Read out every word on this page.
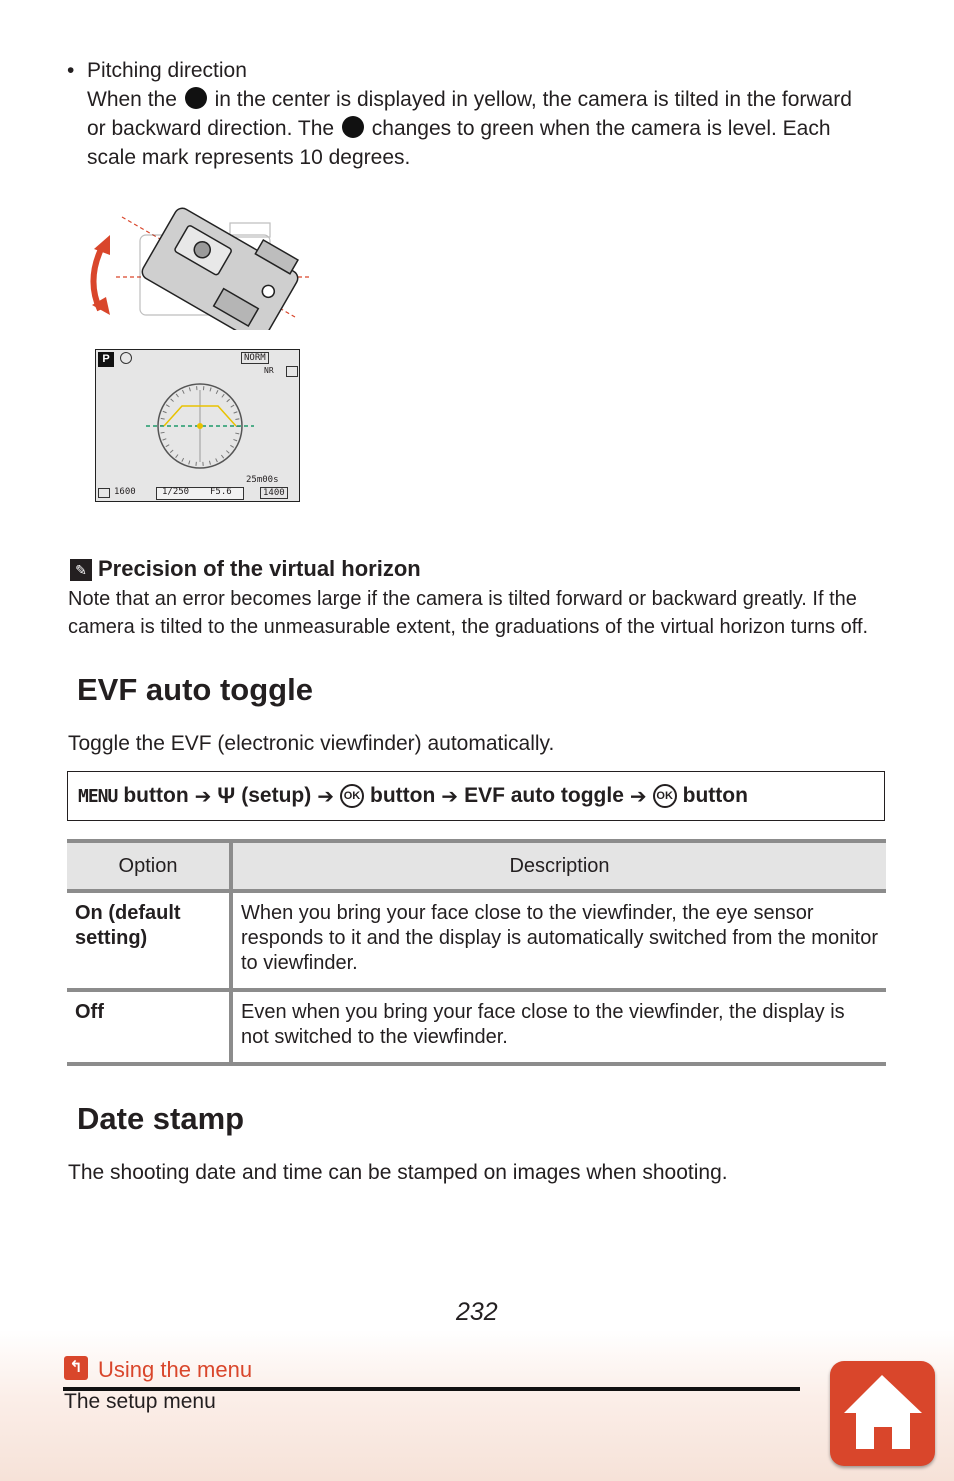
• Pitching direction
When the in the center is displayed in yellow, the camera is tilted in the forward
or backward direction. The changes to green when the camera is level. Each
scale mark represents 10 degrees.
P	NORM
NR
25m00s
1600	1/250 F5.6	1400
✎ Precision of the virtual horizon
Note that an error becomes large if the camera is tilted forward or backward greatly. If the
camera is tilted to the unmeasurable extent, the graduations of the virtual horizon turns off.
EVF auto toggle
Toggle the EVF (electronic viewfinder) automatically.
MENU button ➔ Ψ (setup) ➔ OK button ➔ EVF auto toggle ➔ OK button
Option	Description
On (default setting)	When you bring your face close to the viewfinder, the eye sensor responds to it and the display is automatically switched from the monitor to viewfinder.
Off	Even when you bring your face close to the viewfinder, the display is not switched to the viewfinder.
Date stamp
The shooting date and time can be stamped on images when shooting.
232
↰ Using the menu
The setup menu
